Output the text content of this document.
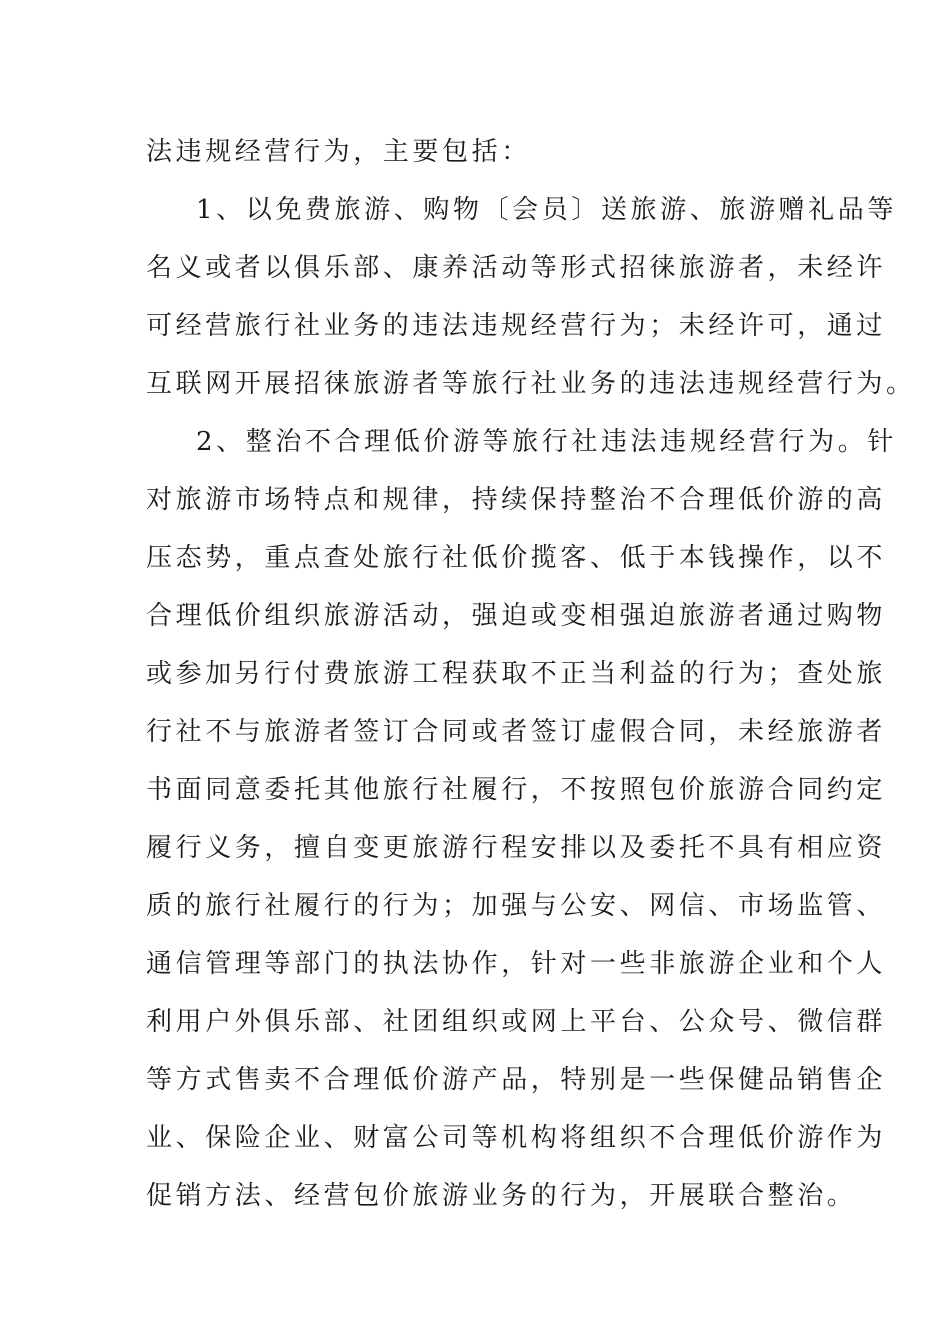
法违规经营行为，主要包括：
1、以免费旅游、购物〔会员〕送旅游、旅游赠礼品等
名义或者以俱乐部、康养活动等形式招徕旅游者，未经许
可经营旅行社业务的违法违规经营行为；未经许可，通过
互联网开展招徕旅游者等旅行社业务的违法违规经营行为。
2、整治不合理低价游等旅行社违法违规经营行为。针
对旅游市场特点和规律，持续保持整治不合理低价游的高
压态势，重点查处旅行社低价揽客、低于本钱操作，以不
合理低价组织旅游活动，强迫或变相强迫旅游者通过购物
或参加另行付费旅游工程获取不正当利益的行为；查处旅
行社不与旅游者签订合同或者签订虚假合同，未经旅游者
书面同意委托其他旅行社履行，不按照包价旅游合同约定
履行义务，擅自变更旅游行程安排以及委托不具有相应资
质的旅行社履行的行为；加强与公安、网信、市场监管、
通信管理等部门的执法协作，针对一些非旅游企业和个人
利用户外俱乐部、社团组织或网上平台、公众号、微信群
等方式售卖不合理低价游产品，特别是一些保健品销售企
业、保险企业、财富公司等机构将组织不合理低价游作为
促销方法、经营包价旅游业务的行为，开展联合整治。
